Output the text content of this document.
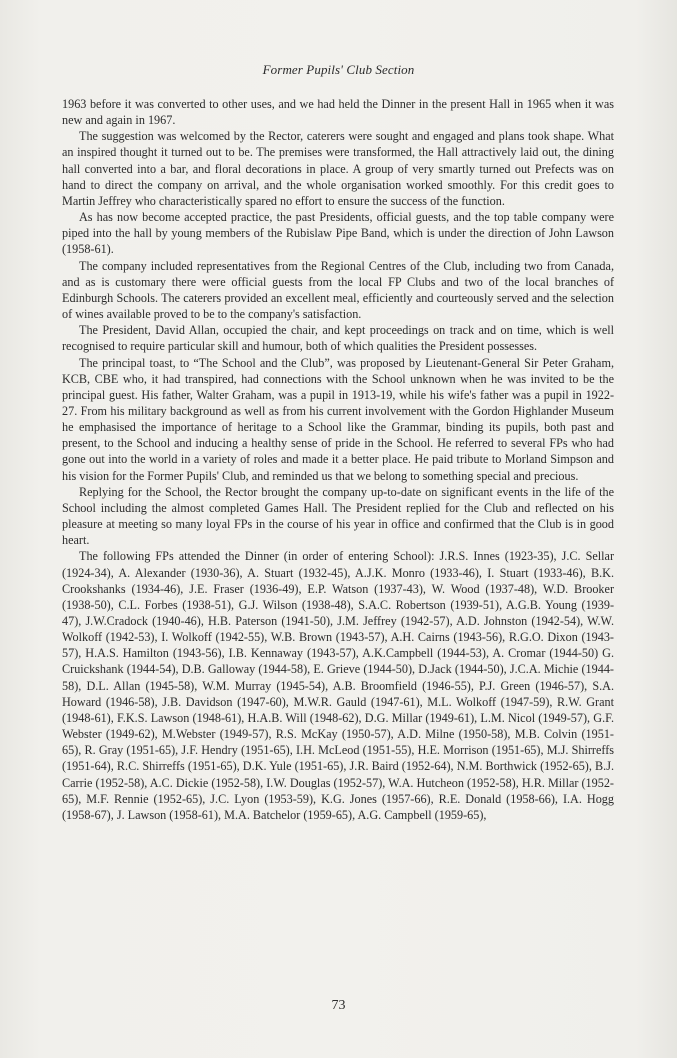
Former Pupils' Club Section

1963 before it was converted to other uses, and we had held the Dinner in the present Hall in 1965 when it was new and again in 1967.

The suggestion was welcomed by the Rector, caterers were sought and engaged and plans took shape. What an inspired thought it turned out to be. The premises were transformed, the Hall attractively laid out, the dining hall converted into a bar, and floral decorations in place. A group of very smartly turned out Prefects was on hand to direct the company on arrival, and the whole organisation worked smoothly. For this credit goes to Martin Jeffrey who characteristically spared no effort to ensure the success of the function.

As has now become accepted practice, the past Presidents, official guests, and the top table company were piped into the hall by young members of the Rubislaw Pipe Band, which is under the direction of John Lawson (1958-61).

The company included representatives from the Regional Centres of the Club, including two from Canada, and as is customary there were official guests from the local FP Clubs and two of the local branches of Edinburgh Schools. The caterers provided an excellent meal, efficiently and courteously served and the selection of wines available proved to be to the company's satisfaction.

The President, David Allan, occupied the chair, and kept proceedings on track and on time, which is well recognised to require particular skill and humour, both of which qualities the President possesses.

The principal toast, to “The School and the Club”, was proposed by Lieutenant-General Sir Peter Graham, KCB, CBE who, it had transpired, had connections with the School unknown when he was invited to be the principal guest. His father, Walter Graham, was a pupil in 1913-19, while his wife's father was a pupil in 1922-27. From his military background as well as from his current involvement with the Gordon Highlander Museum he emphasised the importance of heritage to a School like the Grammar, binding its pupils, both past and present, to the School and inducing a healthy sense of pride in the School. He referred to several FPs who had gone out into the world in a variety of roles and made it a better place. He paid tribute to Morland Simpson and his vision for the Former Pupils' Club, and reminded us that we belong to something special and precious.

Replying for the School, the Rector brought the company up-to-date on significant events in the life of the School including the almost completed Games Hall. The President replied for the Club and reflected on his pleasure at meeting so many loyal FPs in the course of his year in office and confirmed that the Club is in good heart.

The following FPs attended the Dinner (in order of entering School): J.R.S. Innes (1923-35), J.C. Sellar (1924-34), A. Alexander (1930-36), A. Stuart (1932-45), A.J.K. Monro (1933-46), I. Stuart (1933-46), B.K. Crookshanks (1934-46), J.E. Fraser (1936-49), E.P. Watson (1937-43), W. Wood (1937-48), W.D. Brooker (1938-50), C.L. Forbes (1938-51), G.J. Wilson (1938-48), S.A.C. Robertson (1939-51), A.G.B. Young (1939-47), J.W.Cradock (1940-46), H.B. Paterson (1941-50), J.M. Jeffrey (1942-57), A.D. Johnston (1942-54), W.W. Wolkoff (1942-53), I. Wolkoff (1942-55), W.B. Brown (1943-57), A.H. Cairns (1943-56), R.G.O. Dixon (1943-57), H.A.S. Hamilton (1943-56), I.B. Kennaway (1943-57), A.K.Campbell (1944-53), A. Cromar (1944-50) G. Cruickshank (1944-54), D.B. Galloway (1944-58), E. Grieve (1944-50), D.Jack (1944-50), J.C.A. Michie (1944-58), D.L. Allan (1945-58), W.M. Murray (1945-54), A.B. Broomfield (1946-55), P.J. Green (1946-57), S.A. Howard (1946-58), J.B. Davidson (1947-60), M.W.R. Gauld (1947-61), M.L. Wolkoff (1947-59), R.W. Grant (1948-61), F.K.S. Lawson (1948-61), H.A.B. Will (1948-62), D.G. Millar (1949-61), L.M. Nicol (1949-57), G.F. Webster (1949-62), M.Webster (1949-57), R.S. McKay (1950-57), A.D. Milne (1950-58), M.B. Colvin (1951-65), R. Gray (1951-65), J.F. Hendry (1951-65), I.H. McLeod (1951-55), H.E. Morrison (1951-65), M.J. Shirreffs (1951-64), R.C. Shirreffs (1951-65), D.K. Yule (1951-65), J.R. Baird (1952-64), N.M. Borthwick (1952-65), B.J. Carrie (1952-58), A.C. Dickie (1952-58), I.W. Douglas (1952-57), W.A. Hutcheon (1952-58), H.R. Millar (1952-65), M.F. Rennie (1952-65), J.C. Lyon (1953-59), K.G. Jones (1957-66), R.E. Donald (1958-66), I.A. Hogg (1958-67), J. Lawson (1958-61), M.A. Batchelor (1959-65), A.G. Campbell (1959-65),

73
